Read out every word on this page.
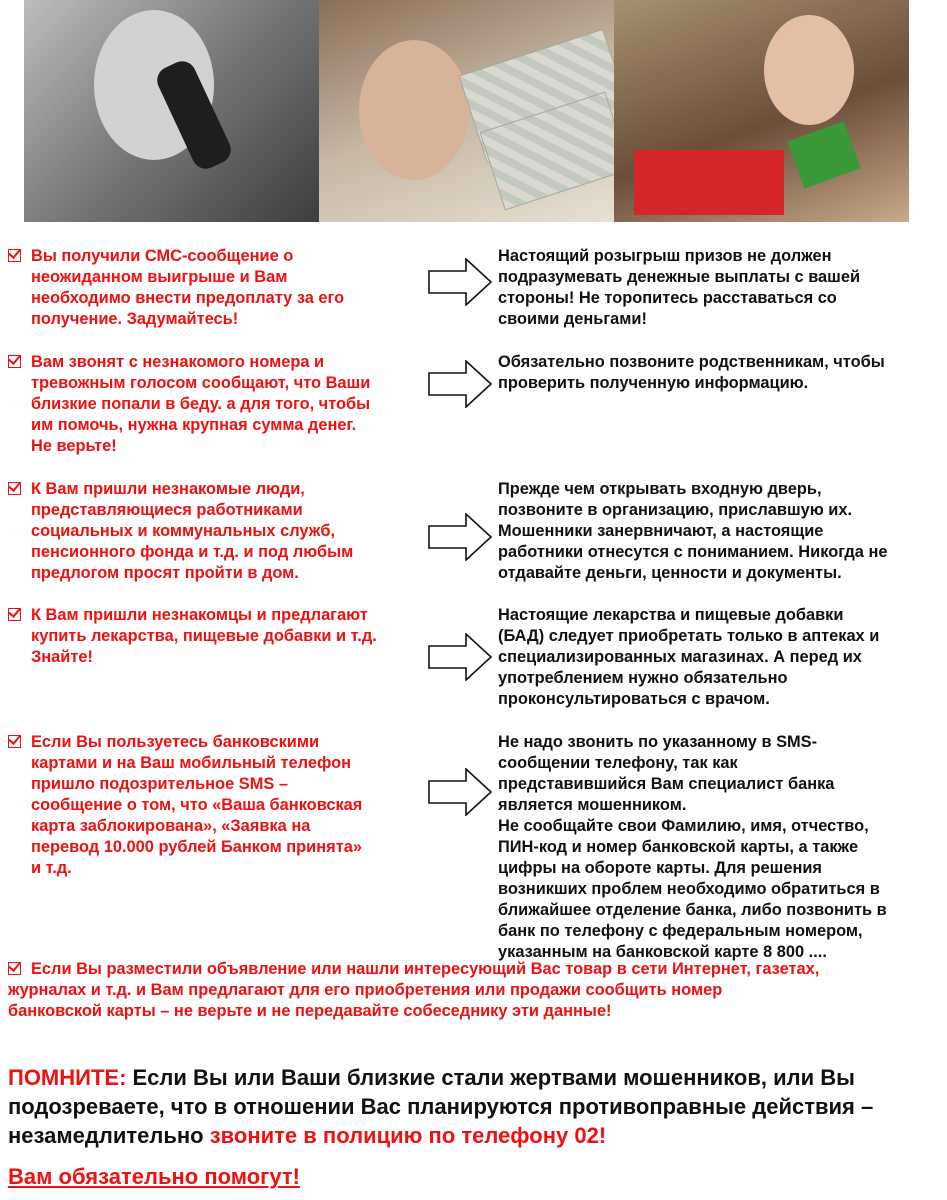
Вы получили СМС-сообщение о
неожиданном выигрыше и Вам
необходимо внести предоплату за его
получение. Задумайтесь!
Настоящий розыгрыш призов не должен
подразумевать денежные выплаты с вашей
стороны! Не торопитесь расставаться со
своими деньгами!
Вам звонят с незнакомого номера и
тревожным голосом сообщают, что Ваши
близкие попали в беду. а для того, чтобы
им помочь, нужна крупная сумма денег.
Не верьте!
Обязательно позвоните родственникам, чтобы
проверить полученную информацию.
К Вам пришли незнакомые люди,
представляющиеся работниками
социальных и коммунальных служб,
пенсионного фонда и т.д. и под любым
предлогом просят пройти в дом.
Прежде чем открывать входную дверь,
позвоните в организацию, приславшую их.
Мошенники занервничают, а настоящие
работники отнесутся с пониманием. Никогда не
отдавайте деньги, ценности и документы.
К Вам пришли незнакомцы и предлагают
купить лекарства, пищевые добавки и т.д.
Знайте!
Настоящие лекарства и пищевые добавки
(БАД) следует приобретать только в аптеках и
специализированных магазинах. А перед их
употреблением нужно обязательно
проконсультироваться с врачом.
Если Вы пользуетесь банковскими
картами и на Ваш мобильный телефон
пришло подозрительное SMS –
сообщение о том, что «Ваша банковская
карта заблокирована», «Заявка на
перевод 10.000 рублей Банком принята»
и т.д.
Не надо звонить по указанному в SMS-
сообщении телефону, так как
представившийся Вам специалист банка
является мошенником.
Не сообщайте свои Фамилию, имя, отчество,
ПИН-код и номер банковской карты, а также
цифры на обороте карты. Для решения
возникших проблем необходимо обратиться в
ближайшее отделение банка, либо позвонить в
банк по телефону с федеральным номером,
указанным на банковской карте 8 800 ....
Если Вы разместили объявление или нашли интересующий Вас товар в сети Интернет, газетах,
журналах и т.д. и Вам предлагают для его приобретения или продажи сообщить номер
банковской карты – не верьте и не передавайте собеседнику эти данные!
ПОМНИТЕ: Если Вы или Ваши близкие стали жертвами мошенников, или Вы подозреваете, что в отношении Вас планируются противоправные действия – незамедлительно звоните в полицию по телефону 02!
Вам обязательно помогут!
